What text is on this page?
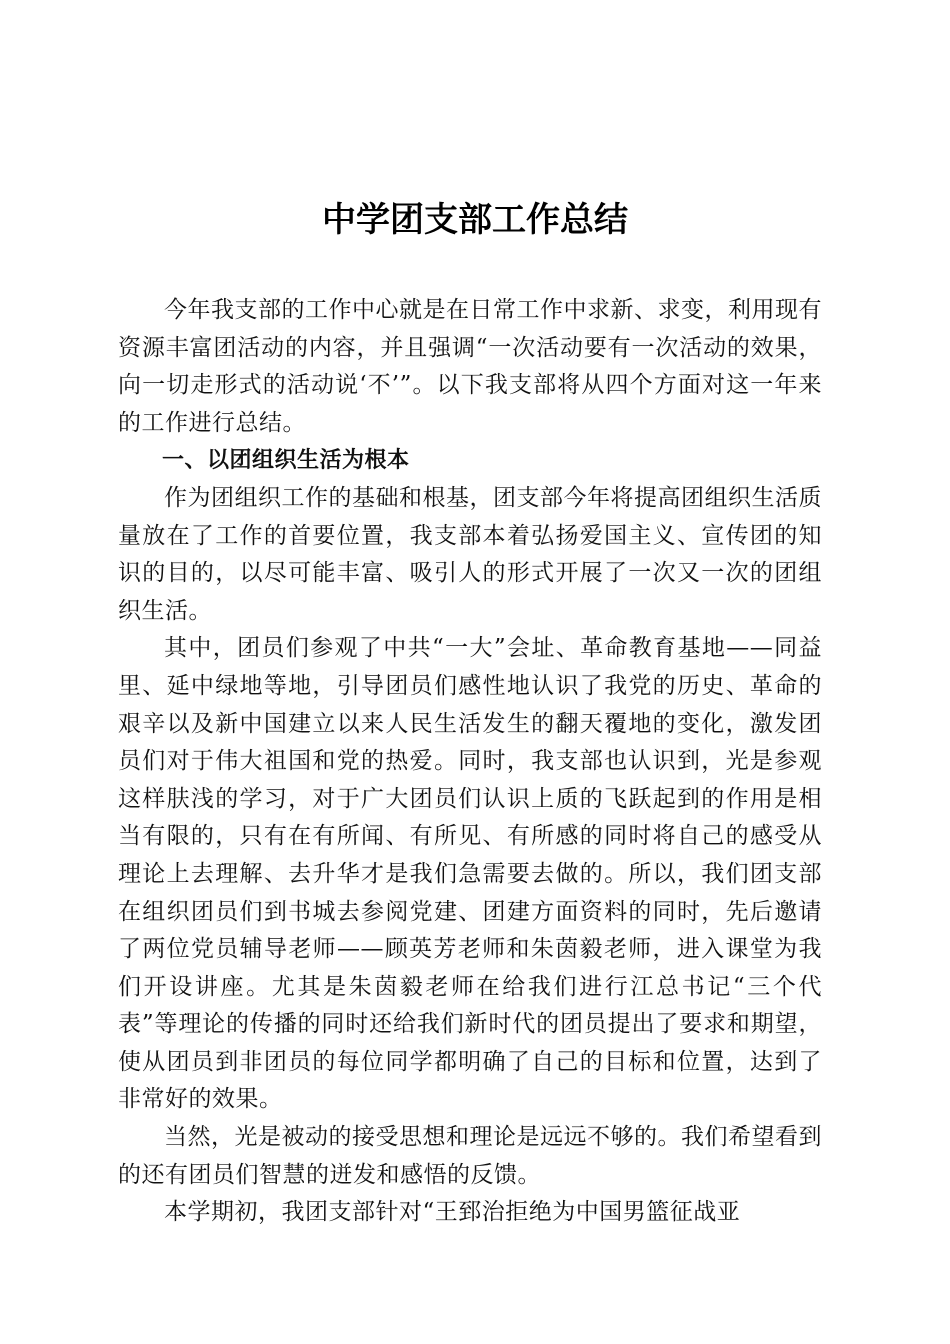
中学团支部工作总结

今年我支部的工作中心就是在日常工作中求新、求变，利用现有资源丰富团活动的内容，并且强调“一次活动要有一次活动的效果，向一切走形式的活动说‘不’”。以下我支部将从四个方面对这一年来的工作进行总结。

一、以团组织生活为根本

作为团组织工作的基础和根基，团支部今年将提高团组织生活质量放在了工作的首要位置，我支部本着弘扬爱国主义、宣传团的知识的目的，以尽可能丰富、吸引人的形式开展了一次又一次的团组织生活。

其中，团员们参观了中共“一大”会址、革命教育基地——同益里、延中绿地等地，引导团员们感性地认识了我党的历史、革命的艰辛以及新中国建立以来人民生活发生的翻天覆地的变化，激发团员们对于伟大祖国和党的热爱。同时，我支部也认识到，光是参观这样肤浅的学习，对于广大团员们认识上质的飞跃起到的作用是相当有限的，只有在有所闻、有所见、有所感的同时将自己的感受从理论上去理解、去升华才是我们急需要去做的。所以，我们团支部在组织团员们到书城去参阅党建、团建方面资料的同时，先后邀请了两位党员辅导老师——顾英芳老师和朱茵毅老师，进入课堂为我们开设讲座。尤其是朱茵毅老师在给我们进行江总书记“三个代表”等理论的传播的同时还给我们新时代的团员提出了要求和期望，使从团员到非团员的每位同学都明确了自己的目标和位置，达到了非常好的效果。

当然，光是被动的接受思想和理论是远远不够的。我们希望看到的还有团员们智慧的迸发和感悟的反馈。

本学期初，我团支部针对“王郅治拒绝为中国男篮征战亚
